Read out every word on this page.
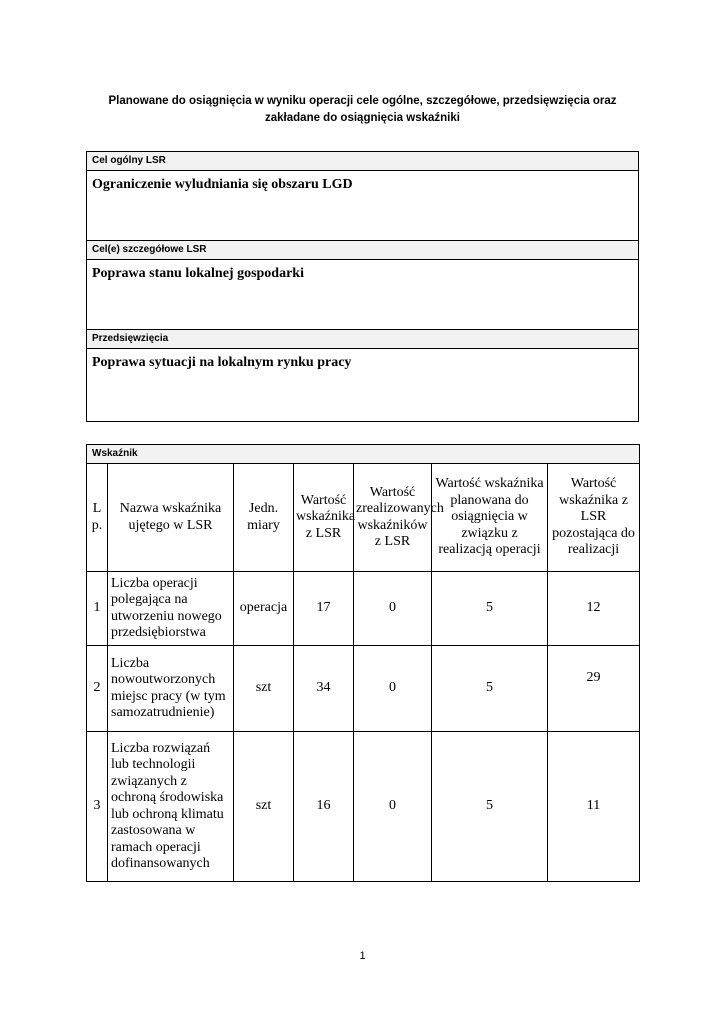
Planowane do osiągnięcia w wyniku operacji cele ogólne, szczegółowe, przedsięwzięcia oraz
zakładane do osiągnięcia wskaźniki
Cel ogólny LSR
Ograniczenie wyludniania się obszaru LGD
Cel(e) szczegółowe LSR
Poprawa stanu lokalnej gospodarki
Przedsięwzięcia
Poprawa sytuacji na lokalnym rynku pracy
Wskaźnik						
L p.	Nazwa wskaźnika ujętego w LSR	Jedn. miary	Wartość wskaźnika z LSR	Wartość zrealizowanych wskaźników z LSR	Wartość wskaźnika planowana do osiągnięcia w związku z realizacją operacji	Wartość wskaźnika z LSR pozostająca do realizacji
1	Liczba operacji polegająca na utworzeniu nowego przedsiębiorstwa	operacja	17	0	5	12
2	Liczba nowoutworzonych miejsc pracy (w tym samozatrudnienie)	szt	34	0	5	29
3	Liczba rozwiązań lub technologii związanych z ochroną środowiska lub ochroną klimatu zastosowana w ramach operacji dofinansowanych	szt	16	0	5	11
1
